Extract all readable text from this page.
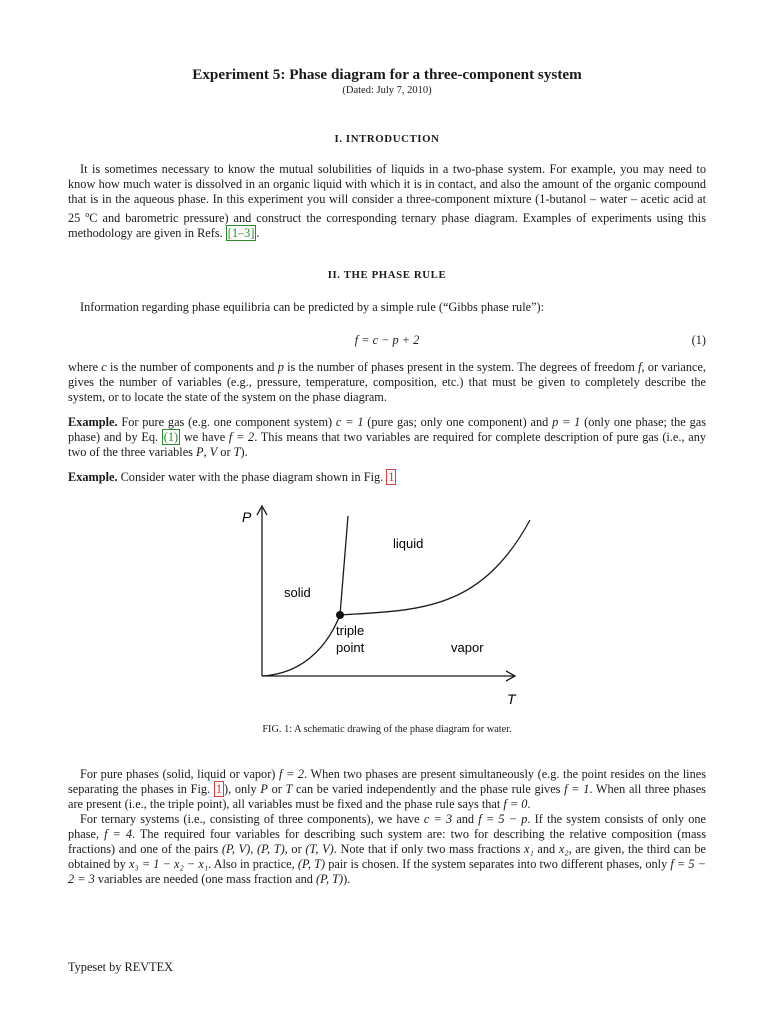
Experiment 5: Phase diagram for a three-component system
(Dated: July 7, 2010)
I. INTRODUCTION

It is sometimes necessary to know the mutual solubilities of liquids in a two-phase system. For example, you may need to know how much water is dissolved in an organic liquid with which it is in contact, and also the amount of the organic compound that is in the aqueous phase. In this experiment you will consider a three-component mixture (1-butanol – water – acetic acid at 25 $^o$C and barometric pressure) and construct the corresponding ternary phase diagram. Examples of experiments using this methodology are given in Refs. [1–3] .

II. THE PHASE RULE

Information regarding phase equilibria can be predicted by a simple rule (“Gibbs phase rule”):

f = c − p + 2	(1)

where c is the number of components and p is the number of phases present in the system. The degrees of freedom f, or variance, gives the number of variables (e.g., pressure, temperature, composition, etc.) that must be given to completely describe the system, or to locate the state of the system on the phase diagram.

Example. For pure gas (e.g. one component system) c = 1 (pure gas; only one component) and p = 1 (only one phase; the gas phase) and by Eq. (1) we have f = 2. This means that two variables are required for complete description of pure gas (i.e., any two of the three variables P, V or T).

Example. Consider water with the phase diagram shown in Fig. 1

P
T
liquid
solid
triple
point	vapor
FIG. 1: A schematic drawing of the phase diagram for water.

For pure phases (solid, liquid or vapor) f = 2. When two phases are present simultaneously (e.g. the point resides on the lines separating the phases in Fig. 1 ), only P or T can be varied independently and the phase rule gives f = 1. When all three phases are present (i.e., the triple point), all variables must be fixed and the phase rule says that f = 0.

For ternary systems (i.e., consisting of three components), we have c = 3 and f = 5 − p. If the system consists of only one phase, f = 4. The required four variables for describing such system are: two for describing the relative composition (mass fractions) and one of the pairs (P, V), (P, T), or (T, V). Note that if only two mass fractions x₁ and x₂, are given, the third can be obtained by x₃ = 1 − x₂ − x₁. Also in practice, (P, T) pair is chosen. If the system separates into two different phases, only f = 5 − 2 = 3 variables are needed (one mass fraction and (P, T)).

Typeset by REVTEX
